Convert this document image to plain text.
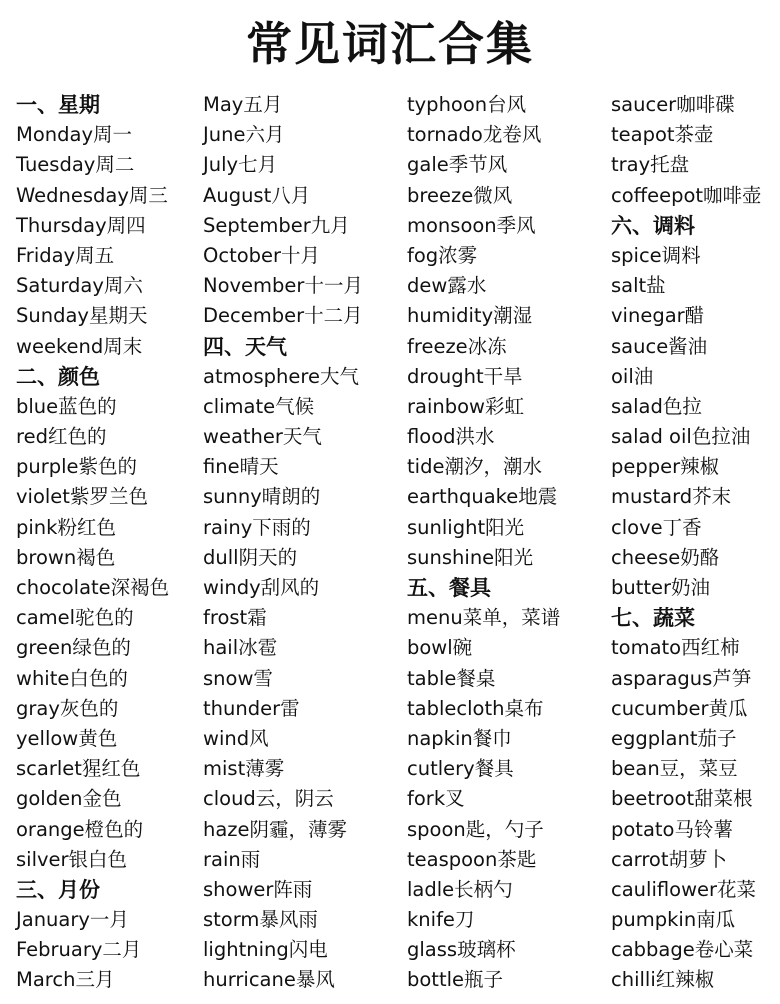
常见词汇合集
一、星期
Monday周一
Tuesday周二
Wednesday周三
Thursday周四
Friday周五
Saturday周六
Sunday星期天
weekend周末
二、颜色
blue蓝色的
red红色的
purple紫色的
violet紫罗兰色
pink粉红色
brown褐色
chocolate深褐色
camel驼色的
green绿色的
white白色的
gray灰色的
yellow黄色
scarlet猩红色
golden金色
orange橙色的
silver银白色
三、月份
January一月
February二月
March三月
May五月
June六月
July七月
August八月
September九月
October十月
November十一月
December十二月
四、天气
atmosphere大气
climate气候
weather天气
fine晴天
sunny晴朗的
rainy下雨的
dull阴天的
windy刮风的
frost霜
hail冰雹
snow雪
thunder雷
wind风
mist薄雾
cloud云，阴云
haze阴霾，薄雾
rain雨
shower阵雨
storm暴风雨
lightning闪电
hurricane暴风
typhoon台风
tornado龙卷风
gale季节风
breeze微风
monsoon季风
fog浓雾
dew露水
humidity潮湿
freeze冰冻
drought干旱
rainbow彩虹
flood洪水
tide潮汐，潮水
earthquake地震
sunlight阳光
sunshine阳光
五、餐具
menu菜单，菜谱
bowl碗
table餐桌
tablecloth桌布
napkin餐巾
cutlery餐具
fork叉
spoon匙，勺子
teaspoon茶匙
ladle长柄勺
knife刀
glass玻璃杯
bottle瓶子
saucer咖啡碟
teapot茶壶
tray托盘
coffeepot咖啡壶
六、调料
spice调料
salt盐
vinegar醋
sauce酱油
oil油
salad色拉
salad oil色拉油
pepper辣椒
mustard芥末
clove丁香
cheese奶酪
butter奶油
七、蔬菜
tomato西红柿
asparagus芦笋
cucumber黄瓜
eggplant茄子
bean豆，菜豆
beetroot甜菜根
potato马铃薯
carrot胡萝卜
cauliflower花菜
pumpkin南瓜
cabbage卷心菜
chilli红辣椒
